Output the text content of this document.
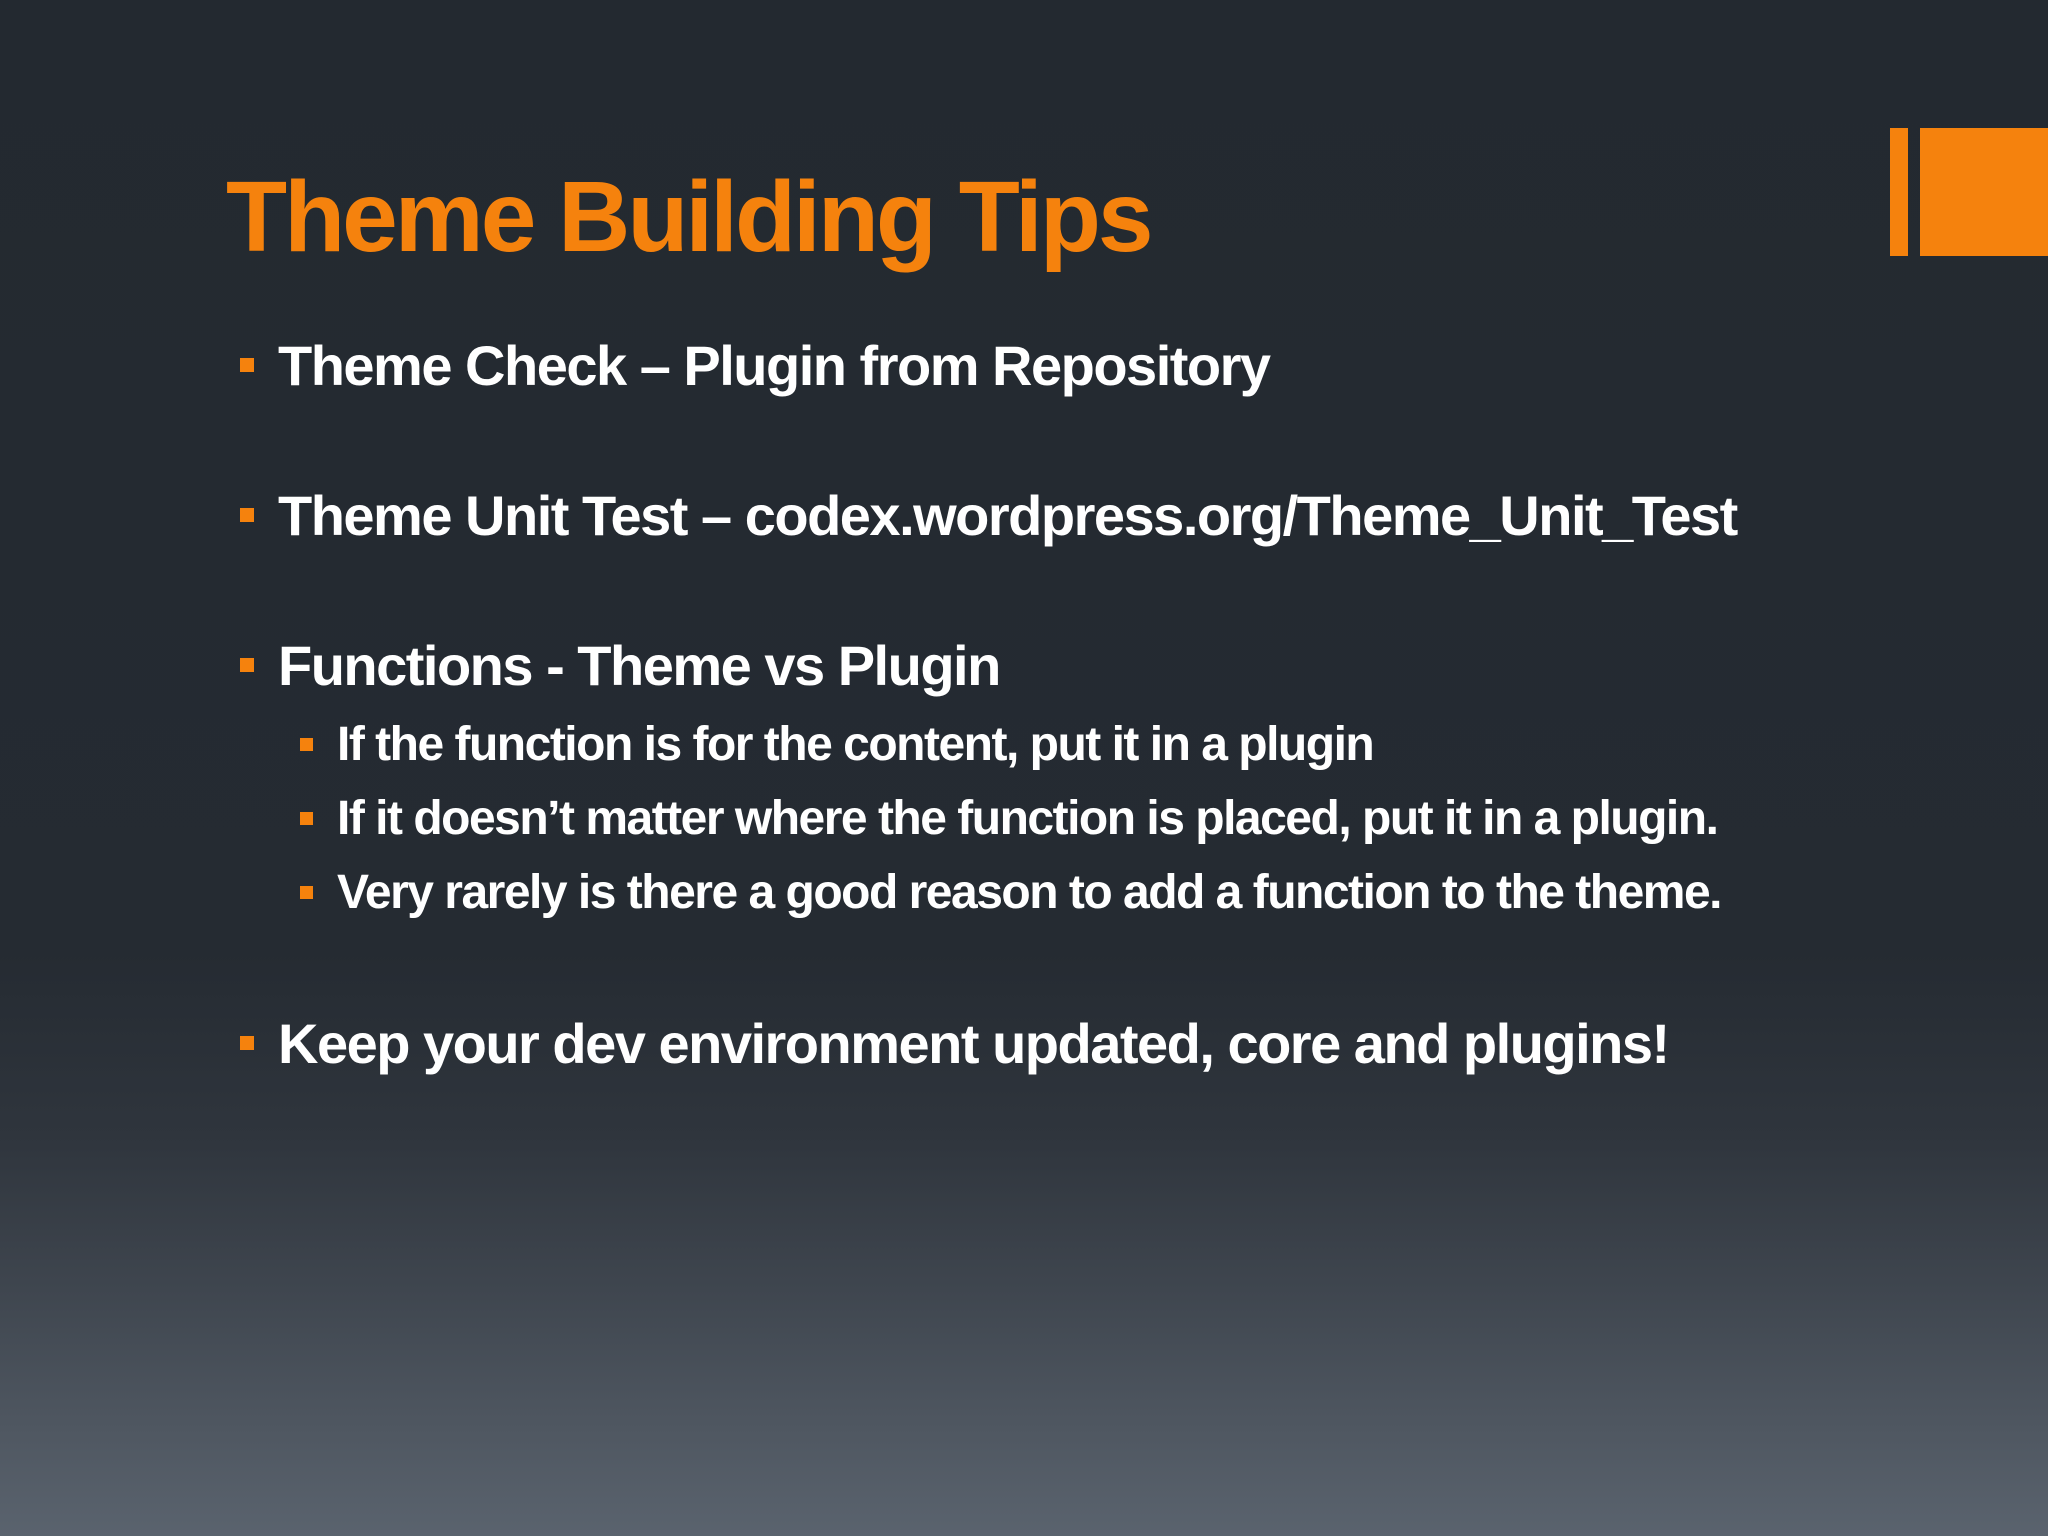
Theme Building Tips
Theme Check – Plugin from Repository
Theme Unit Test – codex.wordpress.org/Theme_Unit_Test
Functions - Theme vs Plugin
If the function is for the content, put it in a plugin
If it doesn’t matter where the function is placed, put it in a plugin.
Very rarely is there a good reason to add a function to the theme.
Keep your dev environment updated, core and plugins!
